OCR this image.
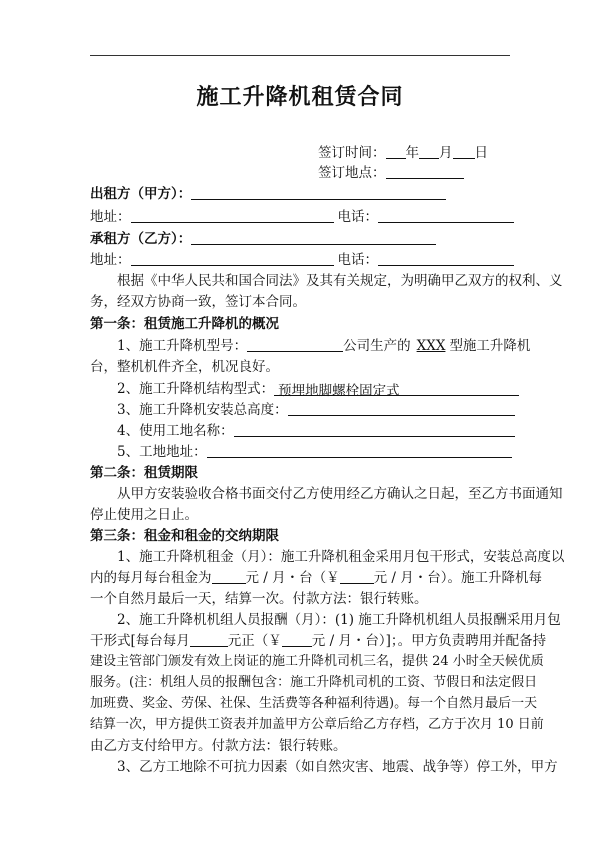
施工升降机租赁合同
签订时间： 年 月 日
签订地点：
出租方（甲方）：
地址：	电话：
承租方（乙方）：
地址：	电话：
根据《中华人民共和国合同法》及其有关规定，为明确甲乙双方的权利、义
务，经双方协商一致，签订本合同。
第一条：租赁施工升降机的概况
1、施工升降机型号：	公司生产的 XXX 型施工升降机
台，整机机件齐全，机况良好。
2、施工升降机结构型式： 预埋地脚螺栓固定式
3、施工升降机安装总高度：
4、使用工地名称：
5、工地地址：
第二条：租赁期限
从甲方安装验收合格书面交付乙方使用经乙方确认之日起，至乙方书面通知
停止使用之日止。
第三条：租金和租金的交纳期限
1、施工升降机租金（月）：施工升降机租金采用月包干形式，安装总高度以
内的每月每台租金为	元 / 月・台（￥	元 / 月・台）。施工升降机每
一个自然月最后一天，结算一次。付款方法：银行转账。
2、施工升降机机组人员报酬（月）：(1) 施工升降机机组人员报酬采用月包
干形式[每台每月	元正（￥ 元 / 月・台）]；。甲方负责聘用并配备持
建设主管部门颁发有效上岗证的施工升降机司机三名，提供 24 小时全天候优质
服务。(注：机组人员的报酬包含：施工升降机司机的工资、节假日和法定假日
加班费、奖金、劳保、社保、生活费等各种福利待遇)。每一个自然月最后一天
结算一次，甲方提供工资表并加盖甲方公章后给乙方存档，乙方于次月 10 日前
由乙方支付给甲方。付款方法：银行转账。
3、乙方工地除不可抗力因素（如自然灾害、地震、战争等）停工外，甲方
